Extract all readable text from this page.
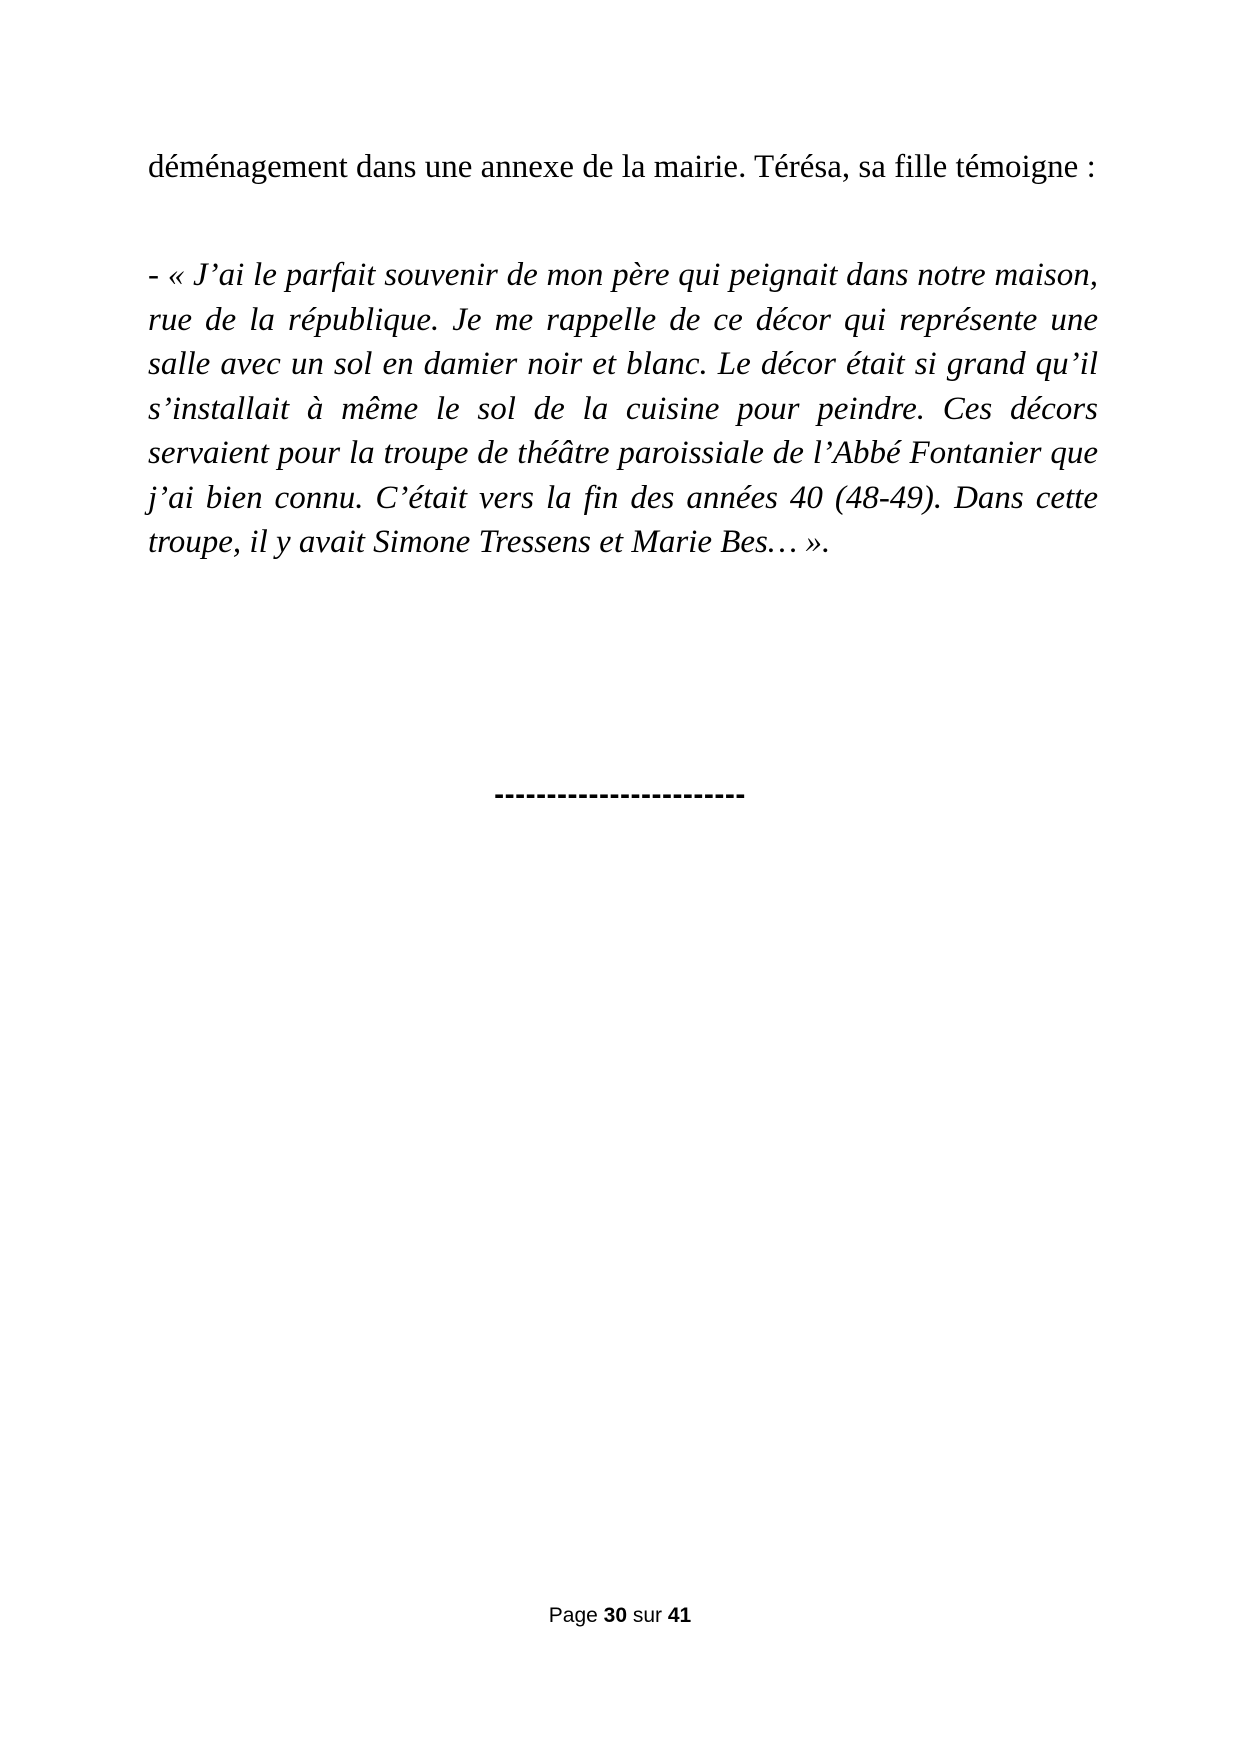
déménagement dans une annexe de la mairie. Térésa, sa fille témoigne :

- « J’ai le parfait souvenir de mon père qui peignait dans notre maison, rue de la république. Je me rappelle de ce décor qui représente une salle avec un sol en damier noir et blanc. Le décor était si grand qu’il s’installait à même le sol de la cuisine pour peindre. Ces décors servaient pour la troupe de théâtre paroissiale de l’Abbé Fontanier que j’ai bien connu. C’était vers la fin des années 40 (48-49). Dans cette troupe, il y avait Simone Tressens et Marie Bes… ».

------------------------
Page 30 sur 41
